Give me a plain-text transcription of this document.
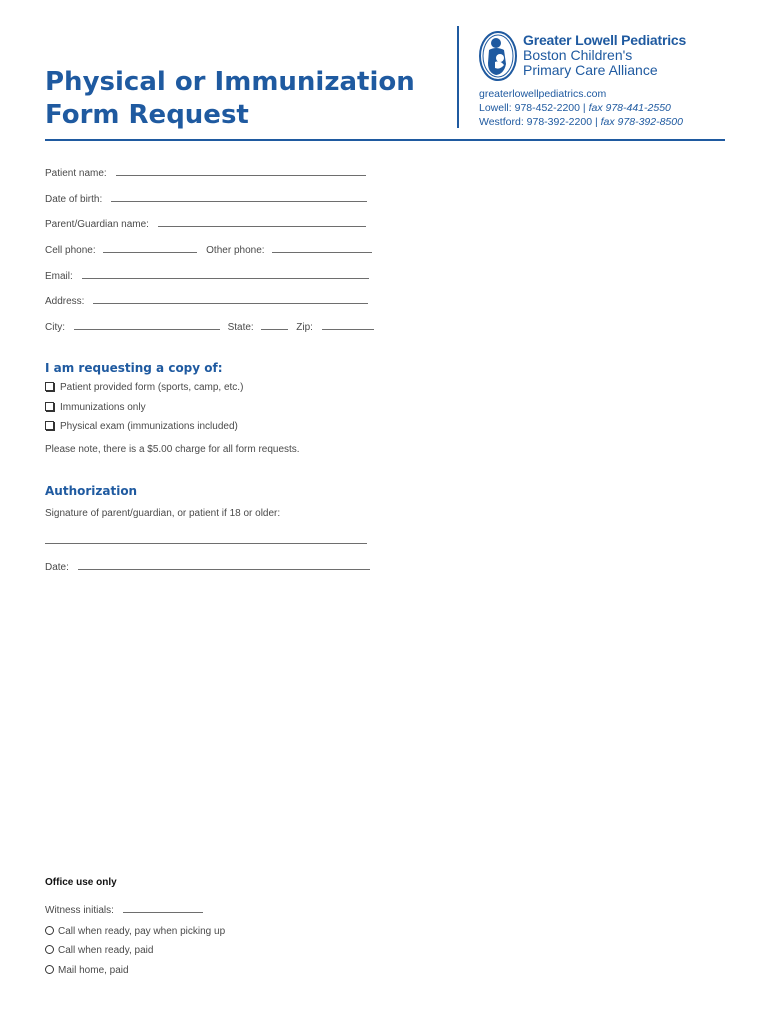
Physical or Immunization
Form Request
Greater Lowell Pediatrics
Boston Children's
Primary Care Alliance
greaterlowellpediatrics.com
Lowell: 978-452-2200 | fax 978-441-2550
Westford: 978-392-2200 | fax 978-392-8500
Patient name:
Date of birth:
Parent/Guardian name:
Cell phone:	Other phone:
Email:
Address:
City:	State:	Zip:
I am requesting a copy of:
Patient provided form (sports, camp, etc.)
Immunizations only
Physical exam (immunizations included)
Please note, there is a $5.00 charge for all form requests.
Authorization
Signature of parent/guardian, or patient if 18 or older:
Date:
Office use only
Witness initials:
Call when ready, pay when picking up
Call when ready, paid
Mail home, paid
